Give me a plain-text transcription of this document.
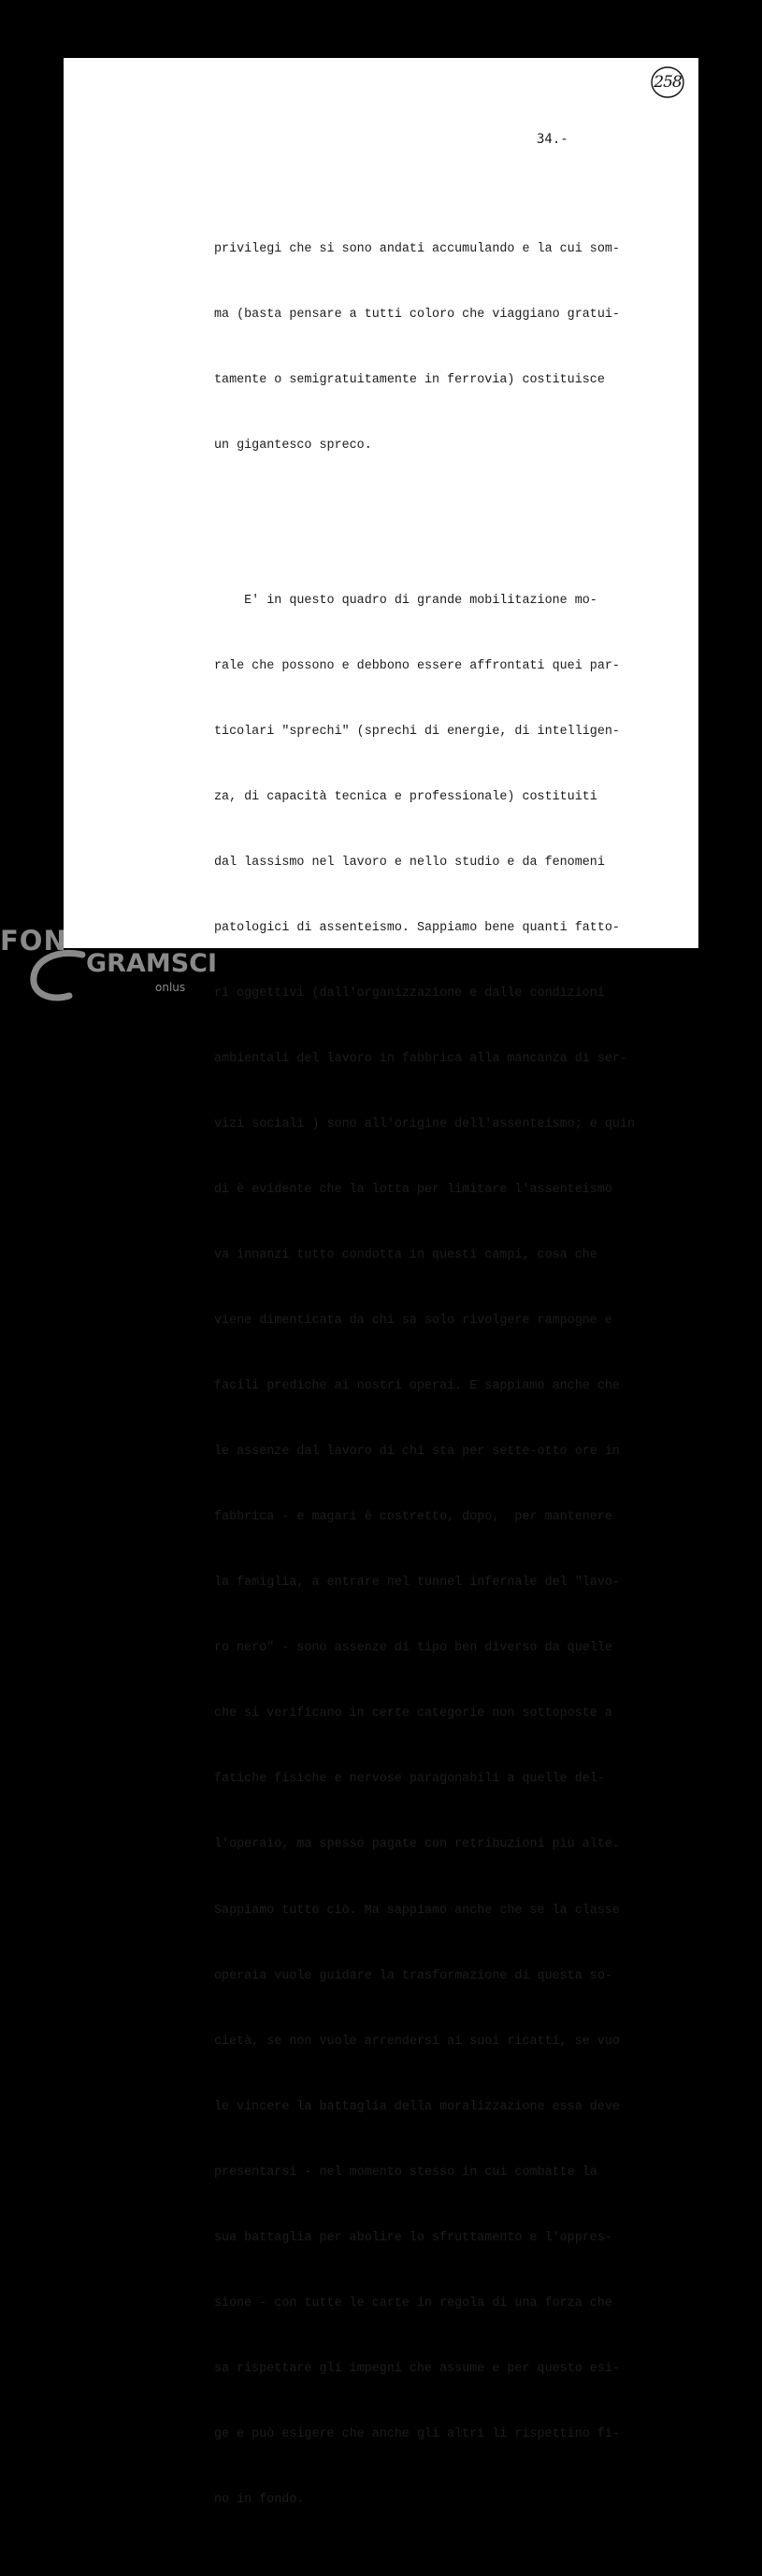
258
34.-

privilegi che si sono andati accumulando e la cui som-

ma (basta pensare a tutti coloro che viaggiano gratui-

tamente o semigratuitamente in ferrovia) costituisce

un gigantesco spreco.

E' in questo quadro di grande mobilitazione mo-

rale che possono e debbono essere affrontati quei par-

ticolari "sprechi" (sprechi di energie, di intelligen-

za, di capacità tecnica e professionale) costituiti

dal lassismo nel lavoro e nello studio e da fenomeni

patologici di assenteismo. Sappiamo bene quanti fatto-

ri oggettivi (dall'organizzazione e dalle condizioni

ambientali del lavoro in fabbrica alla mancanza di ser-

vizi sociali ) sono all'origine dell'assenteismo; e quin

di è evidente che la lotta per limitare l'assenteismo

va innanzi tutto condotta in questi campi, cosa che

viene dimenticata da chi sa solo rivolgere rampogne e

facili prediche ai nostri operai. E sappiamo anche che

le assenze dal lavoro di chi sta per sette-otto ore in

fabbrica - e magari è costretto, dopo,  per mantenere

la famiglia, a entrare nel tunnel infernale del "lavo-

ro nero" - sono assenze di tipo ben diverso da quelle

che si verificano in certe categorie non sottoposte a

fatiche fisiche e nervose paragonabili a quelle del-

l'operaio, ma spesso pagate con retribuzioni più alte.

Sappiamo tutto ciò. Ma sappiamo anche che se la classe

operaia vuole guidare la trasformazione di questa so-

cietà, se non vuole arrendersi ai suoi ricatti, se vuo

le vincere la battaglia della moralizzazione essa deve

presentarsi - nel momento stesso in cui combatte la

sua battaglia per abolire lo sfruttamento e l'oppres-

sione - con tutte le carte in regola di una forza che

sa rispettare gli impegni che assume e per questo esi-

ge e può esigere che anche gli altri li rispettino fi-

no in fondo.

FON
GRAMSCI
onlus
